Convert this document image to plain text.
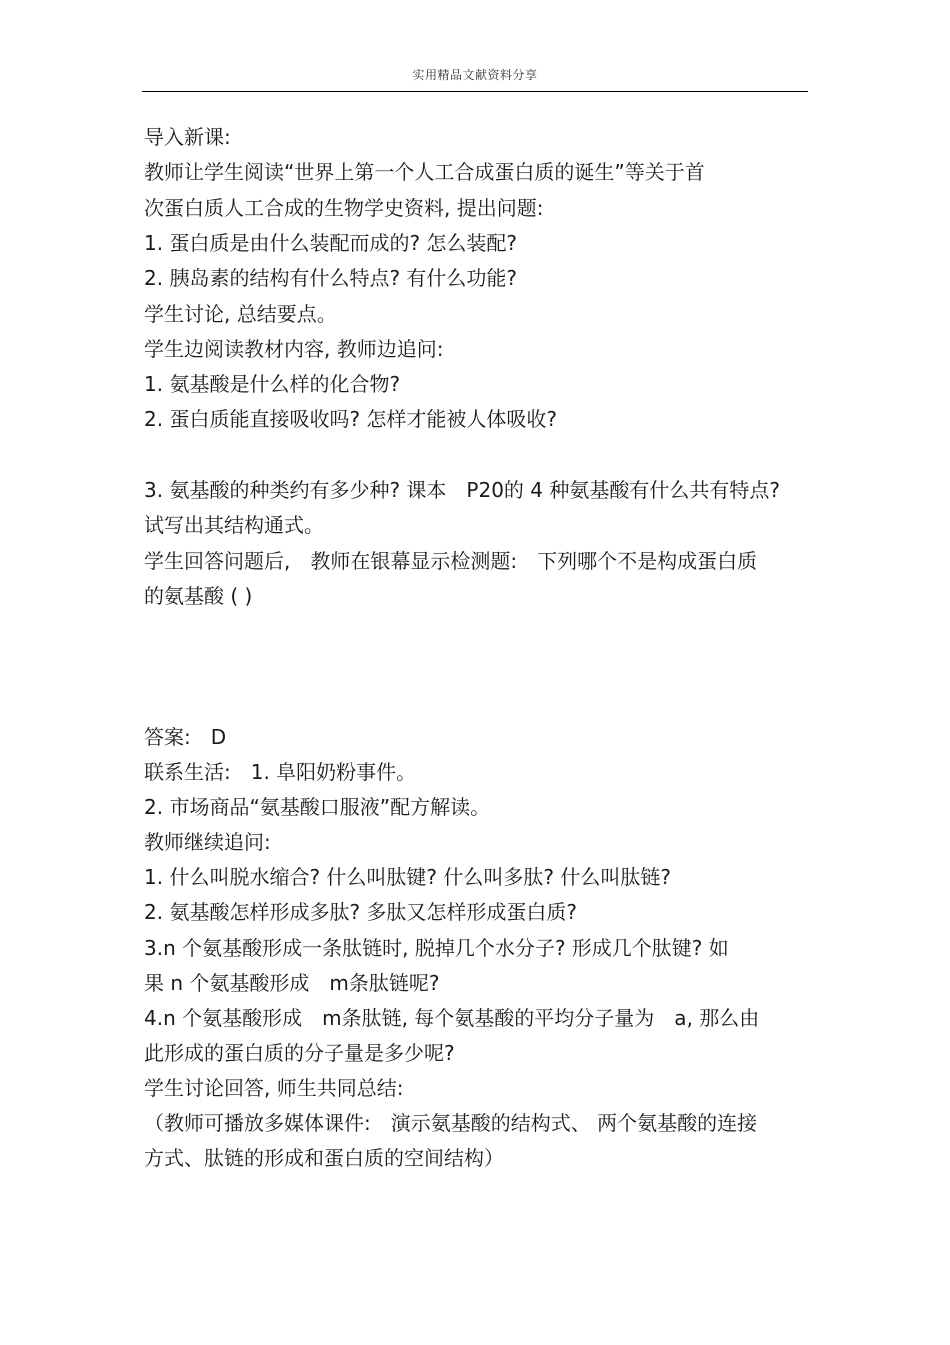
实用精品文献资料分享
导入新课:
教师让学生阅读“世界上第一个人工合成蛋白质的诞生”等关于首
次蛋白质人工合成的生物学史资料, 提出问题:
1. 蛋白质是由什么装配而成的? 怎么装配?
2. 胰岛素的结构有什么特点? 有什么功能?
学生讨论, 总结要点。
学生边阅读教材内容, 教师边追问:
1. 氨基酸是什么样的化合物?
2. 蛋白质能直接吸收吗? 怎样才能被人体吸收?
3. 氨基酸的种类约有多少种? 课本　P20的 4 种氨基酸有什么共有特点?
试写出其结构通式。
学生回答问题后,　教师在银幕显示检测题:　下列哪个不是构成蛋白质
的氨基酸 ( )
答案:　D
联系生活:　1. 阜阳奶粉事件。
2. 市场商品“氨基酸口服液”配方解读。
教师继续追问:
1. 什么叫脱水缩合? 什么叫肽键? 什么叫多肽? 什么叫肽链?
2. 氨基酸怎样形成多肽? 多肽又怎样形成蛋白质?
3.n 个氨基酸形成一条肽链时, 脱掉几个水分子? 形成几个肽键? 如
果 n 个氨基酸形成　m条肽链呢?
4.n 个氨基酸形成　m条肽链, 每个氨基酸的平均分子量为　a, 那么由
此形成的蛋白质的分子量是多少呢?
学生讨论回答, 师生共同总结:
（教师可播放多媒体课件:　演示氨基酸的结构式、 两个氨基酸的连接
方式、肽链的形成和蛋白质的空间结构）
